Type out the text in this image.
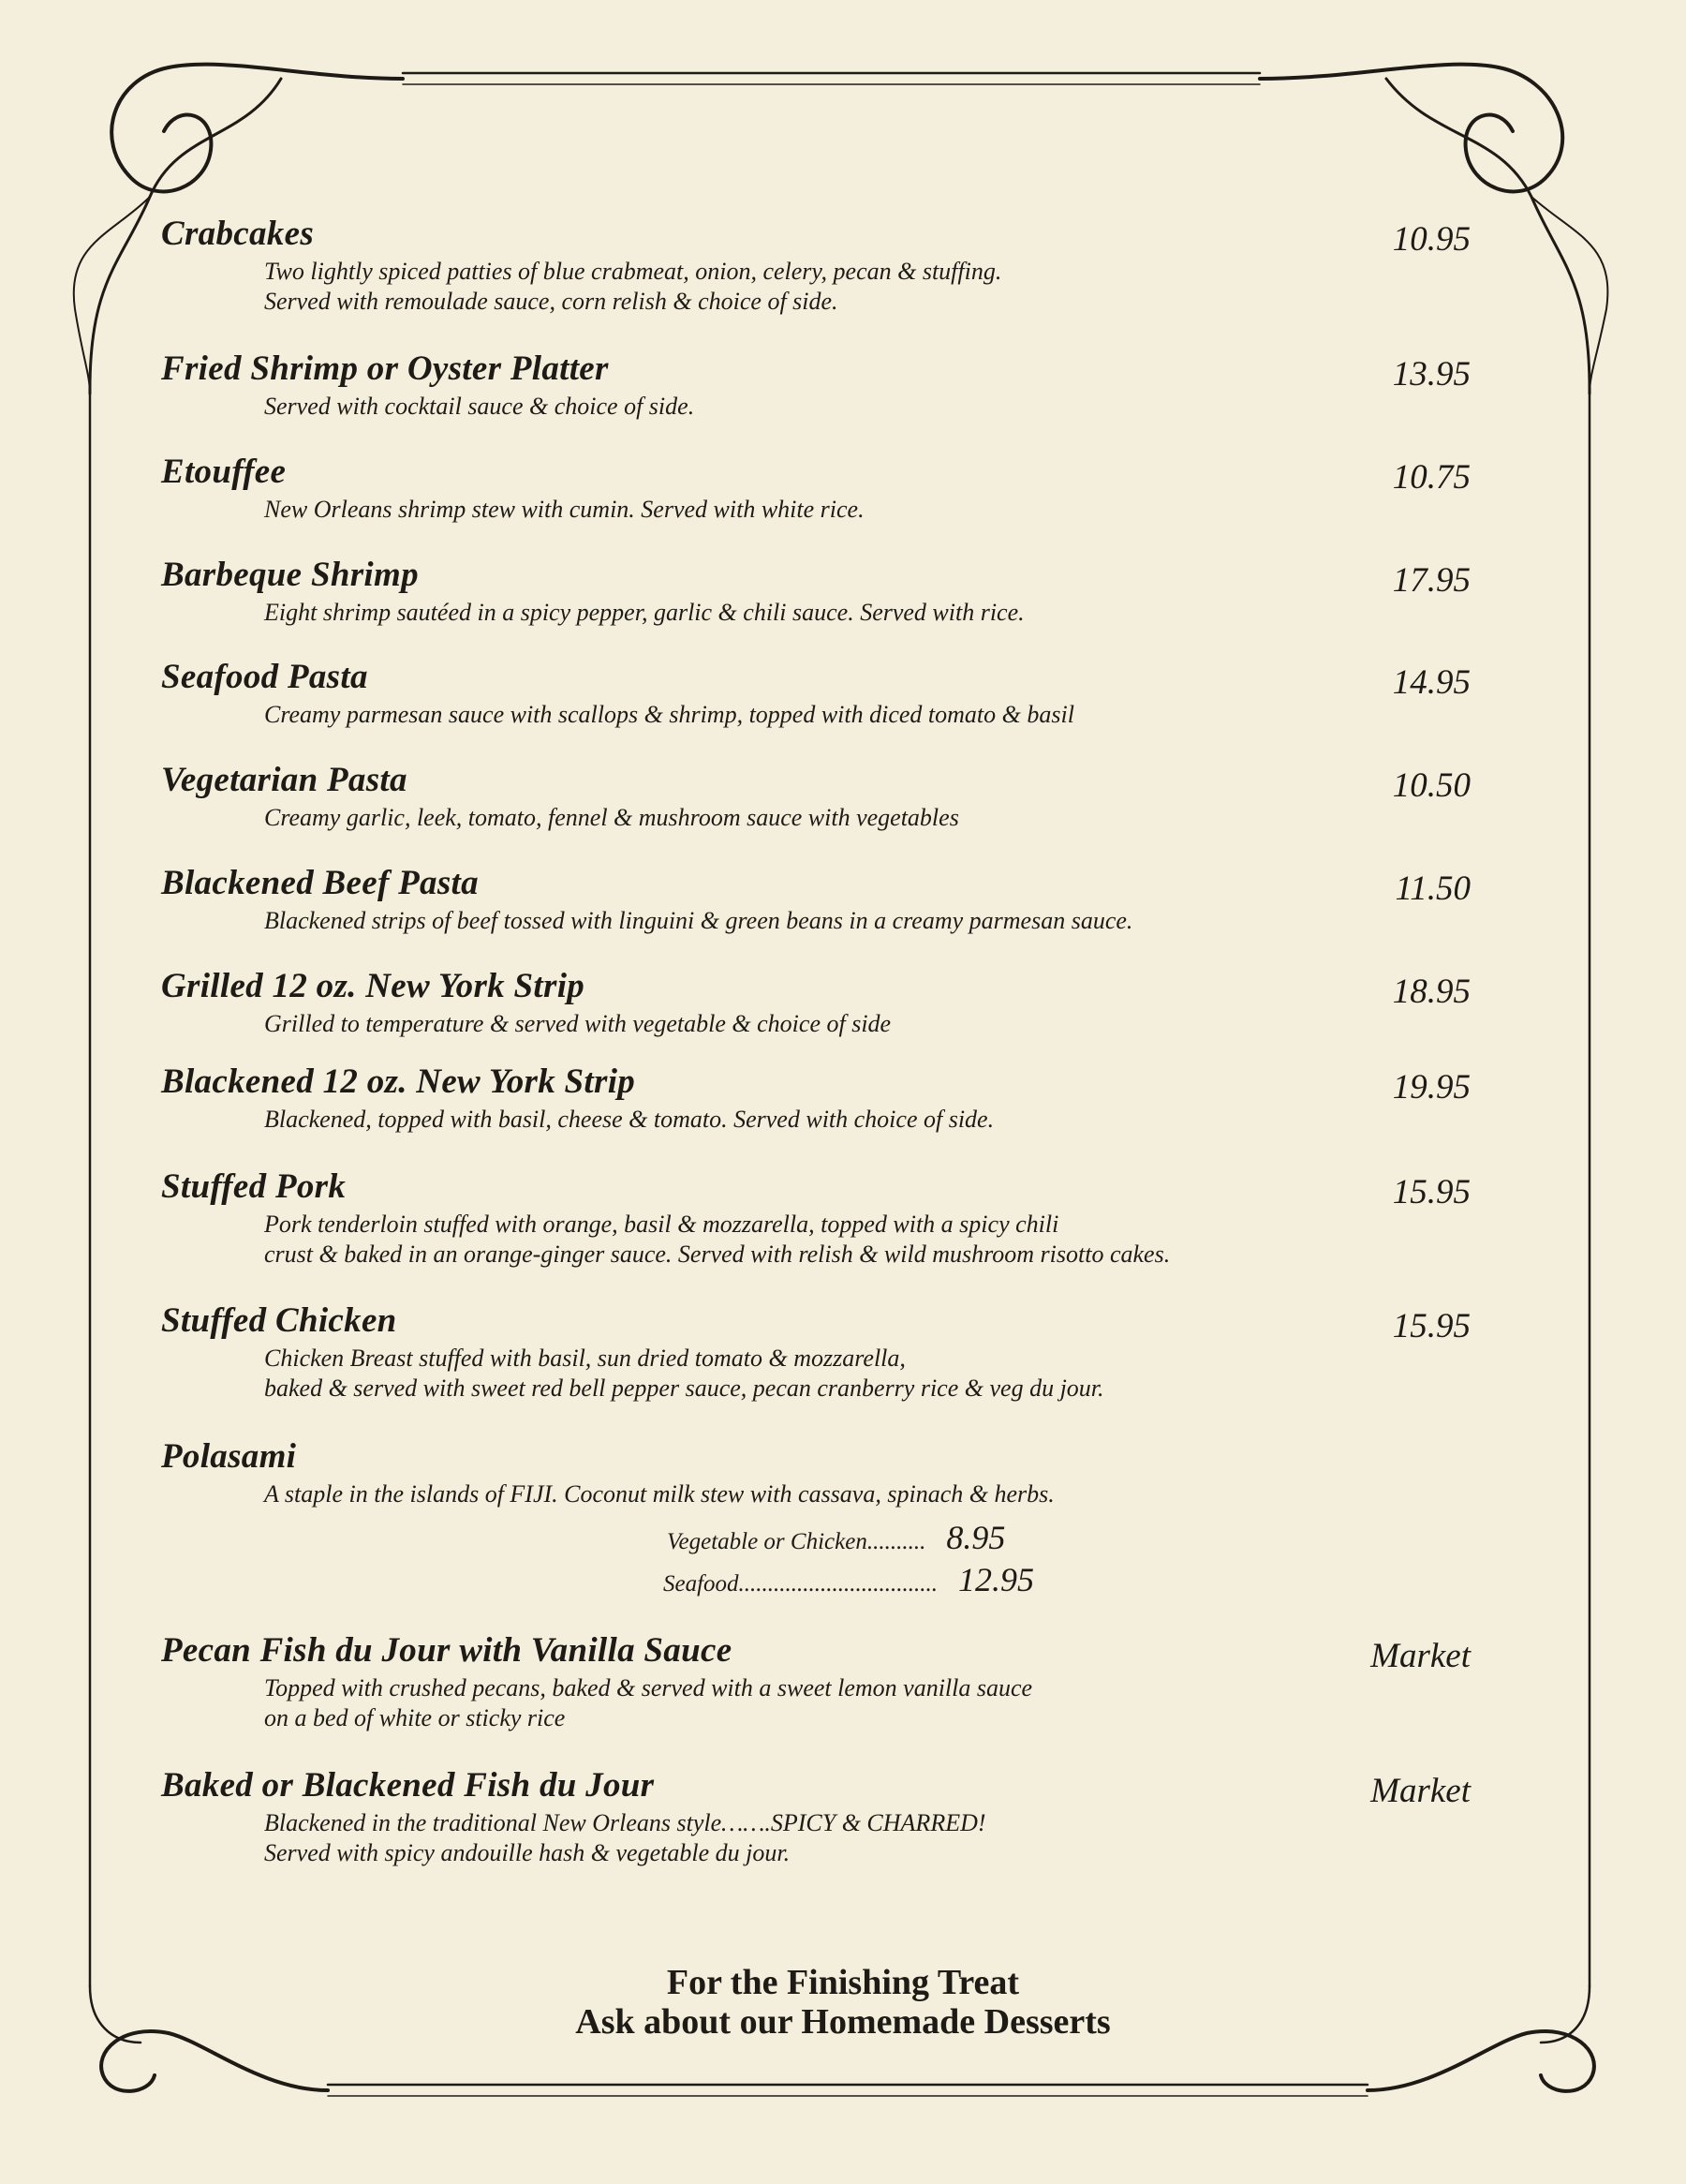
Crabcakes	10.95
Two lightly spiced patties of blue crabmeat, onion, celery, pecan & stuffing.
Served with remoulade sauce, corn relish & choice of side.
Fried Shrimp or Oyster Platter	13.95
Served with cocktail sauce & choice of side.
Etouffee	10.75
New Orleans shrimp stew with cumin. Served with white rice.
Barbeque Shrimp	17.95
Eight shrimp sautéed in a spicy pepper, garlic & chili sauce. Served with rice.
Seafood Pasta	14.95
Creamy parmesan sauce with scallops & shrimp, topped with diced tomato & basil
Vegetarian Pasta	10.50
Creamy garlic, leek, tomato, fennel & mushroom sauce with vegetables
Blackened Beef Pasta	11.50
Blackened strips of beef tossed with linguini & green beans in a creamy parmesan sauce.
Grilled 12 oz. New York Strip	18.95
Grilled to temperature & served with vegetable & choice of side
Blackened 12 oz. New York Strip	19.95
Blackened, topped with basil, cheese & tomato. Served with choice of side.
Stuffed Pork	15.95
Pork tenderloin stuffed with orange, basil & mozzarella, topped with a spicy chili
crust & baked in an orange-ginger sauce. Served with relish & wild mushroom risotto cakes.
Stuffed Chicken	15.95
Chicken Breast stuffed with basil, sun dried tomato & mozzarella,
baked & served with sweet red bell pepper sauce, pecan cranberry rice & veg du jour.
Polasami
A staple in the islands of FIJI. Coconut milk stew with cassava, spinach & herbs.
Vegetable or Chicken.......... 8.95
Seafood.................................. 12.95
Pecan Fish du Jour with Vanilla Sauce	Market
Topped with crushed pecans, baked & served with a sweet lemon vanilla sauce
on a bed of white or sticky rice
Baked or Blackened Fish du Jour	Market
Blackened in the traditional New Orleans style…….SPICY & CHARRED!
Served with spicy andouille hash & vegetable du jour.
For the Finishing Treat
Ask about our Homemade Desserts
